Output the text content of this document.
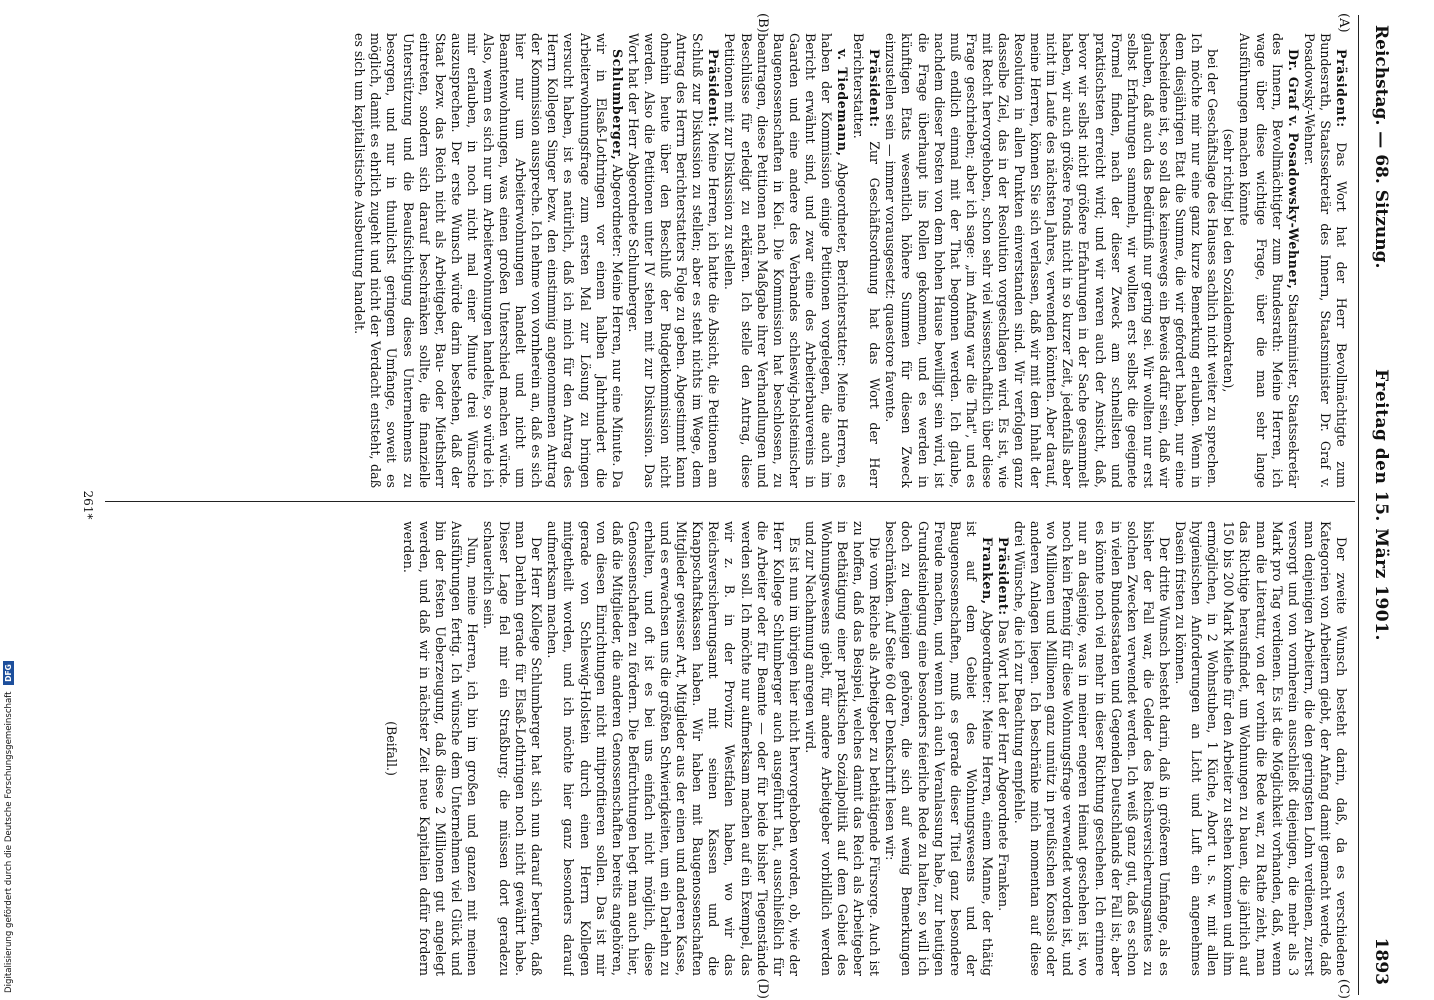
Reichstag. — 68. Sitzung.
Freitag den 15. März 1901.
1893
(A)
(B)
(C)
(D)

Präsident: Das Wort hat der Herr Bevollmächtigte zum Bundesrath, Staatssekretär des Innern, Staatsminister Dr. Graf v. Posadowsky-Wehner.

Dr. Graf v. Posadowsky-Wehner, Staatsminister, Staatssekretär des Innern, Bevollmächtigter zum Bundesrath: Meine Herren, ich wage über diese wichtige Frage, über die man sehr lange Ausführungen machen könnte

(sehr richtig! bei den Sozialdemokraten),

bei der Geschäftslage des Hauses sachlich nicht weiter zu sprechen. Ich möchte mir nur eine ganz kurze Bemerkung erlauben. Wenn in dem diesjährigen Etat die Summe, die wir gefordert haben, nur eine bescheidene ist, so soll das keineswegs ein Beweis dafür sein, daß wir glauben, daß auch das Bedürfniß nur gering sei. Wir wollten nur erst selbst Erfahrungen sammeln, wir wollten erst selbst die geeignete Formel finden, nach der dieser Zweck am schnellsten und praktischsten erreicht wird; und wir waren auch der Ansicht, daß, bevor wir selbst nicht größere Erfahrungen in der Sache gesammelt haben, wir auch größere Fonds nicht in so kurzer Zeit, jedenfalls aber nicht im Laufe des nächsten Jahres, verwenden könnten. Aber darauf, meine Herren, können Sie sich verlassen, daß wir mit dem Inhalt der Resolution in allen Punkten einverstanden sind. Wir verfolgen ganz dasselbe Ziel, das in der Resolution vorgeschlagen wird. Es ist, wie mit Recht hervorgehoben, schon sehr viel wissenschaftlich über diese Frage geschrieben; aber ich sage: „im Anfang war die That", und es muß endlich einmal mit der That begonnen werden. Ich glaube, nachdem dieser Posten von dem hohen Hause bewilligt sein wird, ist die Frage überhaupt ins Rollen gekommen, und es werden in künftigen Etats wesentlich höhere Summen für diesen Zweck einzustellen sein — immer vorausgesetzt: quaestore favente.

Präsident: Zur Geschäftsordnung hat das Wort der Herr Berichterstatter.

v. Tiedemann, Abgeordneter, Berichterstatter: Meine Herren, es haben der Kommission einige Petitionen vorgelegen, die auch im Bericht erwähnt sind, und zwar eine des Arbeiterbauvereins in Gaarden und eine andere des Verbandes schleswig-holsteinischer Baugenossenschaften in Kiel. Die Kommission hat beschlossen, zu beantragen, diese Petitionen nach Maßgabe ihrer Verhandlungen und Beschlüsse für erledigt zu erklären. Ich stelle den Antrag, diese Petitionen mit zur Diskussion zu stellen.

Präsident: Meine Herren, ich hatte die Absicht, die Petitionen am Schluß zur Diskussion zu stellen; aber es steht nichts im Wege, dem Antrag des Herrn Berichterstatters Folge zu geben. Abgestimmt kann ohnehin heute über den Beschluß der Budgetkommission nicht werden. Also die Petitionen unter IV stehen mit zur Diskussion. Das Wort hat der Herr Abgeordnete Schlumberger.

Schlumberger, Abgeordneter: Meine Herren, nur eine Minute. Da wir in Elsaß-Lothringen vor einem halben Jahrhundert die Arbeiterwohnungsfrage zum ersten Mal zur Lösung zu bringen versucht haben, ist es natürlich, daß ich mich für den Antrag des Herrn Kollegen Singer bezw. den einstimmig angenommenen Antrag der Kommission ausspreche. Ich nehme von vornherein an, daß es sich hier nur um Arbeiterwohnungen handelt und nicht um Beamtenwohnungen, was einen großen Unterschied machen würde. Also, wenn es sich nur um Arbeiterwohnungen handelte, so würde ich mir erlauben, in noch nicht mal einer Minute drei Wünsche auszusprechen. Der erste Wunsch würde darin bestehen, daß der Staat bezw. das Reich nicht als Arbeitgeber, Bau- oder Miethsherr eintreten, sondern sich darauf beschränken sollte, die finanzielle Unterstützung und die Beaufsichtigung dieses Unternehmens zu besorgen, und nur in thunlichst geringem Umfange, soweit es möglich, damit es ehrlich zugeht und nicht der Verdacht entsteht, daß es sich um kapitalistische Ausbeutung handelt.

Der zweite Wunsch besteht darin, daß, da es verschiedene Kategorien von Arbeitern giebt, der Anfang damit gemacht werde, daß man denjenigen Arbeitern, die den geringsten Lohn verdienen, zuerst versorgt und von vornherein ausschließt diejenigen, die mehr als 3 Mark pro Tag verdienen. Es ist die Möglichkeit vorhanden, daß, wenn man die Literatur, von der vorhin die Rede war, zu Rathe zieht, man das Richtige herausfindet, um Wohnungen zu bauen, die jährlich auf 150 bis 200 Mark Miethe für den Arbeiter zu stehen kommen und ihm ermöglichen, in 2 Wohnstuben, 1 Küche, Abort u. s. w. mit allen hygienischen Anforderungen an Licht und Luft ein angenehmes Dasein fristen zu können.

Der dritte Wunsch besteht darin, daß in größerem Umfange, als es bisher der Fall war, die Gelder des Reichsversicherungsamtes zu solchen Zwecken verwendet werden. Ich weiß ganz gut, daß es schon in vielen Bundesstaaten und Gegenden Deutschlands der Fall ist; aber es könnte noch viel mehr in dieser Richtung geschehen. Ich erinnere nur an dasjenige, was in meiner engeren Heimat geschehen ist, wo noch kein Pfennig für diese Wohnungsfrage verwendet worden ist, und wo Millionen und Millionen ganz unnütz in preußischen Konsols oder anderen Anlagen liegen. Ich beschränke mich momentan auf diese drei Wünsche, die ich zur Beachtung empfehle.

Präsident: Das Wort hat der Herr Abgeordnete Franken.

Franken, Abgeordneter: Meine Herren, einem Manne, der thätig ist auf dem Gebiet des Wohnungswesens und der Baugenossenschaften, muß es gerade dieser Titel ganz besondere Freude machen, und wenn ich auch Veranlassung habe, zur heutigen Grundsteinlegung eine besonders feierliche Rede zu halten, so will ich doch zu denjenigen gehören, die sich auf wenig Bemerkungen beschränken. Auf Seite 60 der Denkschrift lesen wir:

Die vom Reiche als Arbeitgeber zu bethätigende Fürsorge. Auch ist zu hoffen, daß das Beispiel, welches damit das Reich als Arbeitgeber in Bethätigung einer praktischen Sozialpolitik auf dem Gebiet des Wohnungswesens giebt, für andere Arbeitgeber vorbildlich werden und zur Nachahmung anregen wird.

Es ist nun im übrigen hier nicht hervorgehoben worden, ob, wie der Herr Kollege Schlumberger auch ausgeführt hat, ausschließlich für die Arbeiter oder für Beamte — oder für beide bisher Tiegenstände werden soll. Ich möchte nur aufmerksam machen auf ein Exempel, das wir z. B. in der Provinz Westfalen haben, wo wir das Reichsversicherungsamt mit seinen Kassen und die Knappschaftskassen haben. Wir haben mit Baugenossenschaften Mitglieder gewisser Art, Mitglieder aus der einen und anderen Kasse, und es erwachsen uns die größten Schwierigkeiten, um ein Darlehn zu erhalten, und oft ist es bei uns einfach nicht möglich, diese Genossenschaften zu fördern. Die Befürchtungen hegt man auch hier, daß die Mitglieder, die anderen Genossenschaften bereits angehören, von diesen Einrichtungen nicht mitprofitieren sollen. Das ist mir gerade von Schleswig-Holstein durch einen Herrn Kollegen mitgetheilt worden, und ich möchte hier ganz besonders darauf aufmerksam machen.

Der Herr Kollege Schlumberger hat sich nun darauf berufen, daß man Darlehn gerade für Elsaß-Lothringen noch nicht gewährt habe. Dieser Lage fiel mir ein Straßburg; die müssen dort geradezu schauerlich sein.

Nun, meine Herren, ich bin im großen und ganzen mit meinen Ausführungen fertig. Ich wünsche dem Unternehmen viel Glück und bin der festen Ueberzeugung, daß diese 2 Millionen gut angelegt werden, und daß wir in nächster Zeit neue Kapitalien dafür fordern werden.

(Beifall.)

261*
Digitalisierung gefördert durch die Deutsche Forschungsgemeinschaft DFG
